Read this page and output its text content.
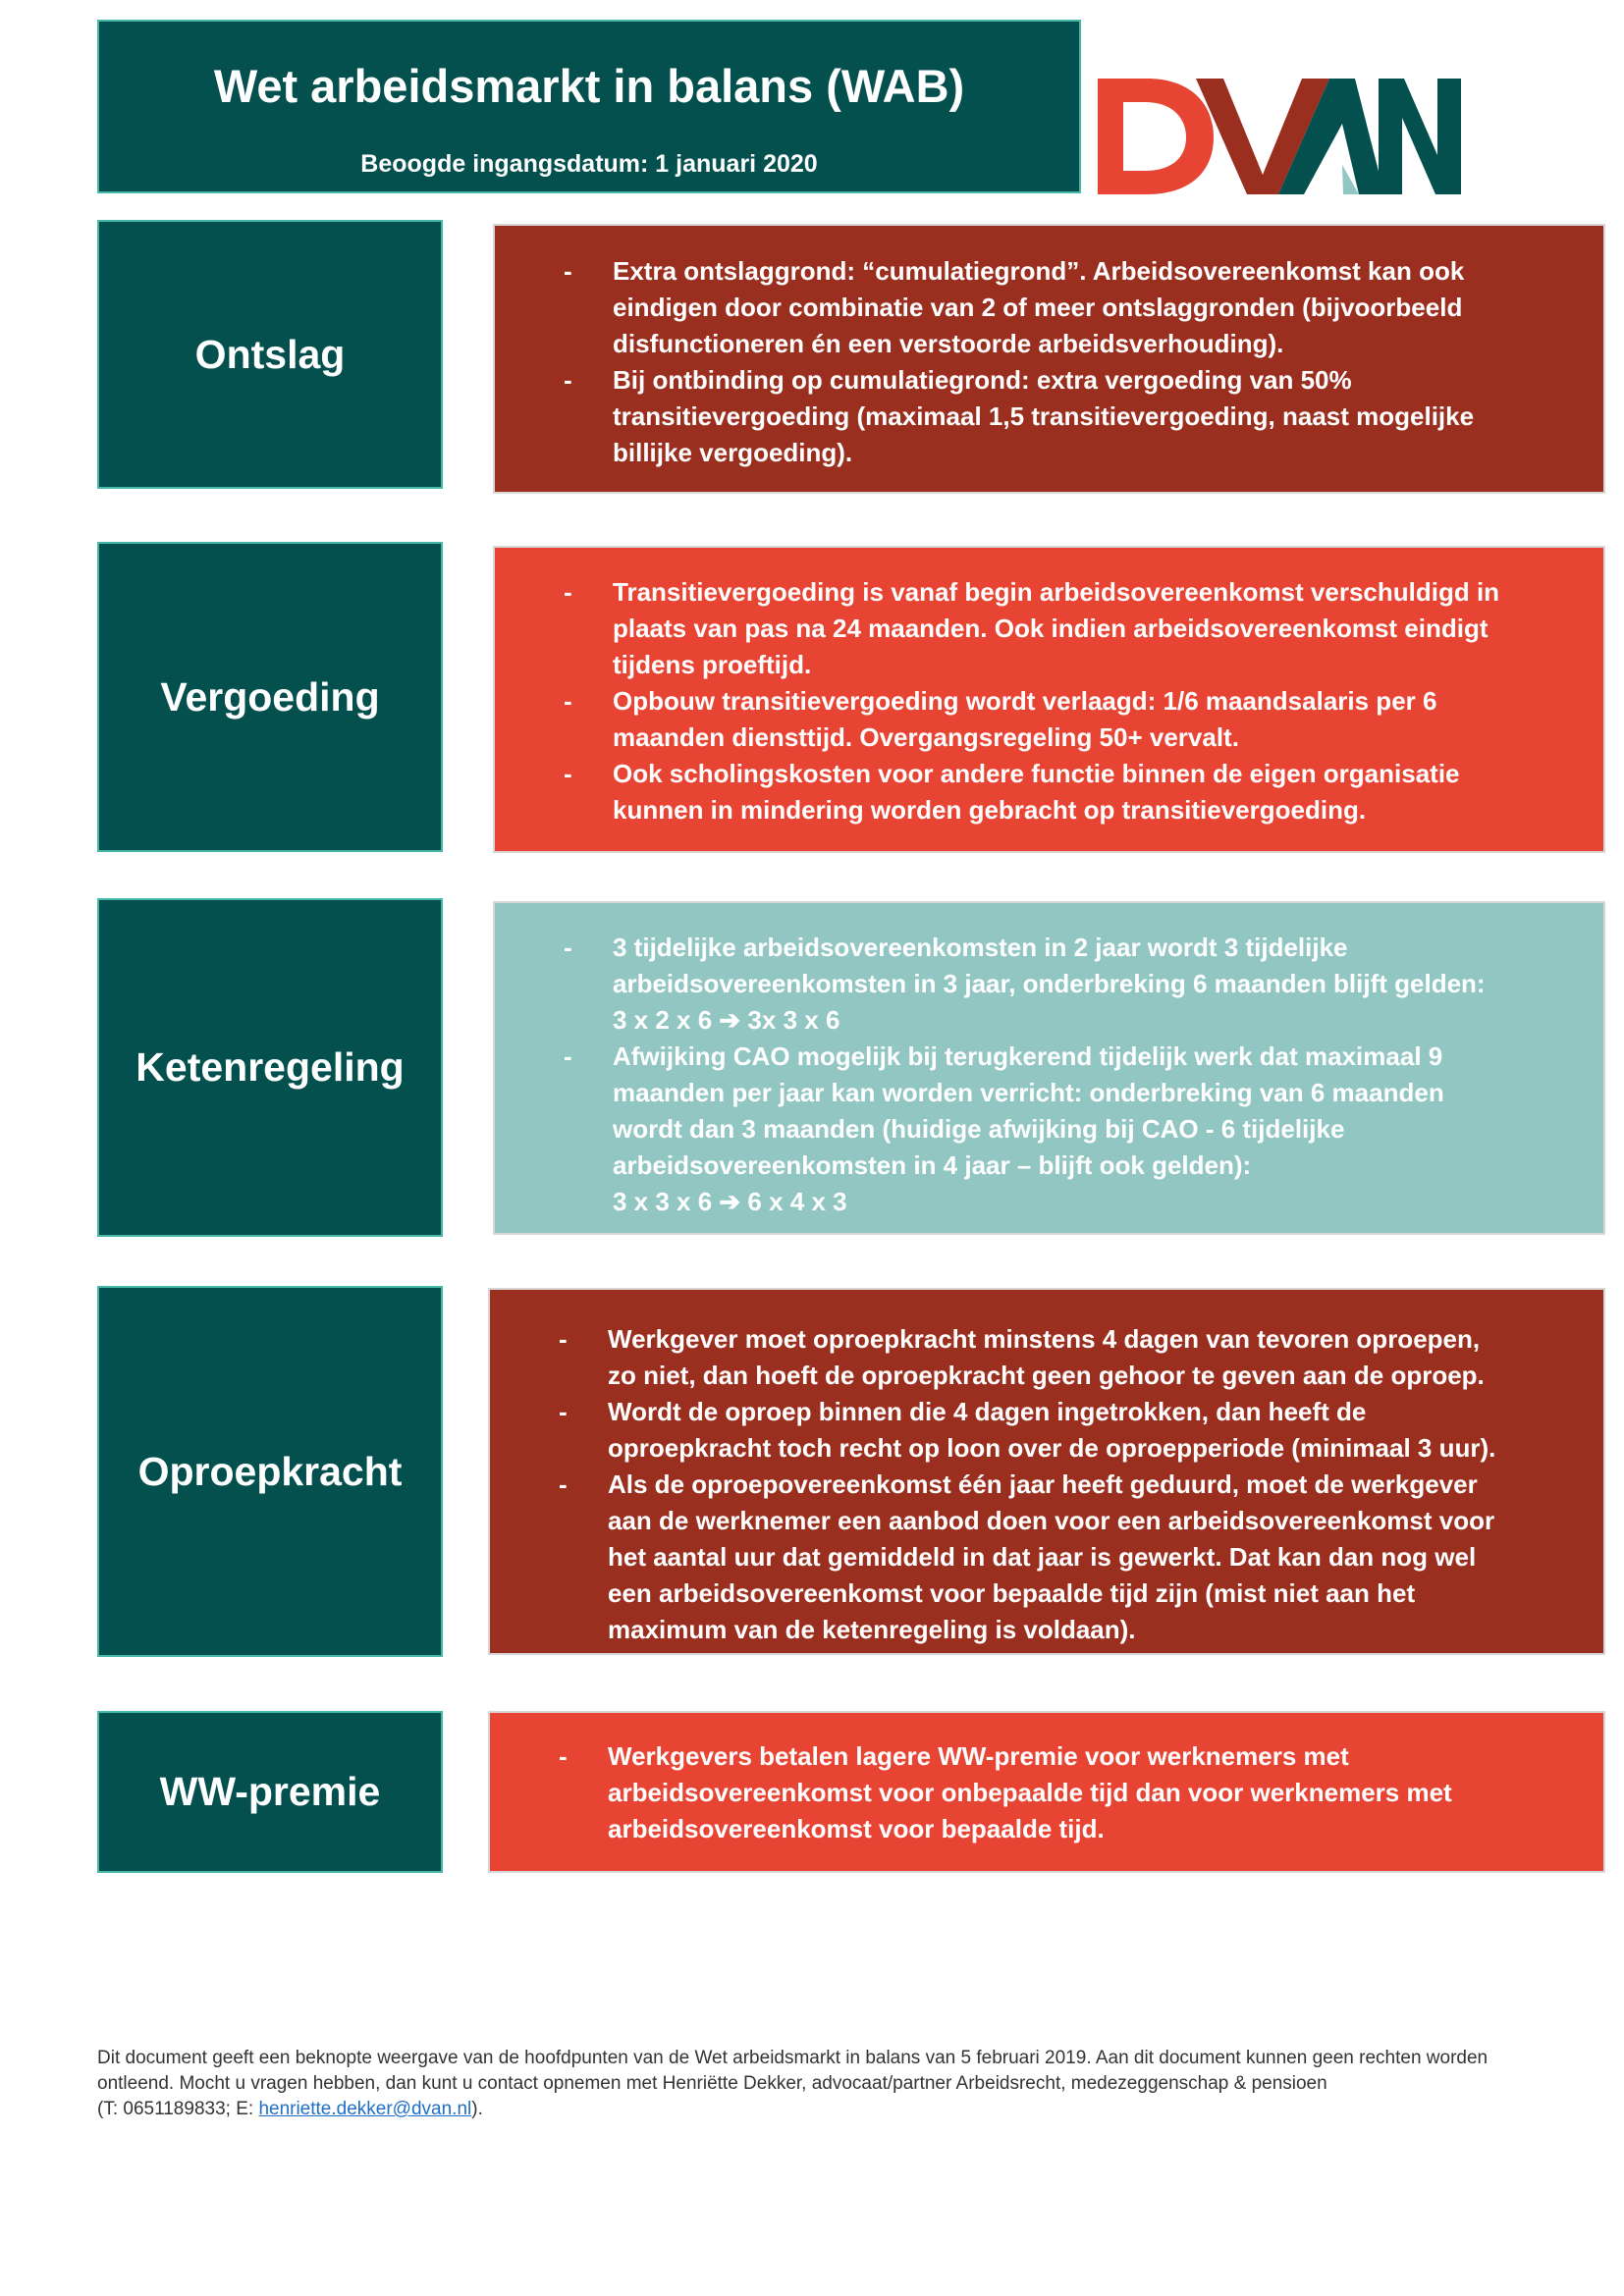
Wet arbeidsmarkt in balans (WAB)
Beoogde ingangsdatum: 1 januari 2020
Ontslag
- Extra ontslaggrond: “cumulatiegrond”. Arbeidsovereenkomst kan ook
eindigen door combinatie van 2 of meer ontslaggronden (bijvoorbeeld
disfunctioneren én een verstoorde arbeidsverhouding).
- Bij ontbinding op cumulatiegrond: extra vergoeding van 50%
transitievergoeding (maximaal 1,5 transitievergoeding, naast mogelijke
billijke vergoeding).
Vergoeding
- Transitievergoeding is vanaf begin arbeidsovereenkomst verschuldigd in
plaats van pas na 24 maanden. Ook indien arbeidsovereenkomst eindigt
tijdens proeftijd.
- Opbouw transitievergoeding wordt verlaagd: 1/6 maandsalaris per 6
maanden diensttijd. Overgangsregeling 50+ vervalt.
- Ook scholingskosten voor andere functie binnen de eigen organisatie
kunnen in mindering worden gebracht op transitievergoeding.
Ketenregeling
- 3 tijdelijke arbeidsovereenkomsten in 2 jaar wordt 3 tijdelijke
arbeidsovereenkomsten in 3 jaar, onderbreking 6 maanden blijft gelden:
3 x 2 x 6 ➔ 3x 3 x 6
- Afwijking CAO mogelijk bij terugkerend tijdelijk werk dat maximaal 9
maanden per jaar kan worden verricht: onderbreking van 6 maanden
wordt dan 3 maanden (huidige afwijking bij CAO - 6 tijdelijke
arbeidsovereenkomsten in 4 jaar – blijft ook gelden):
3 x 3 x 6 ➔ 6 x 4 x 3
Oproepkracht
- Werkgever moet oproepkracht minstens 4 dagen van tevoren oproepen,
zo niet, dan hoeft de oproepkracht geen gehoor te geven aan de oproep.
- Wordt de oproep binnen die 4 dagen ingetrokken, dan heeft de
oproepkracht toch recht op loon over de oproepperiode (minimaal 3 uur).
- Als de oproepovereenkomst één jaar heeft geduurd, moet de werkgever
aan de werknemer een aanbod doen voor een arbeidsovereenkomst voor
het aantal uur dat gemiddeld in dat jaar is gewerkt. Dat kan dan nog wel
een arbeidsovereenkomst voor bepaalde tijd zijn (mist niet aan het
maximum van de ketenregeling is voldaan).
WW-premie
- Werkgevers betalen lagere WW-premie voor werknemers met
arbeidsovereenkomst voor onbepaalde tijd dan voor werknemers met
arbeidsovereenkomst voor bepaalde tijd.
Dit document geeft een beknopte weergave van de hoofdpunten van de Wet arbeidsmarkt in balans van 5 februari 2019. Aan dit document kunnen geen rechten worden
ontleend. Mocht u vragen hebben, dan kunt u contact opnemen met Henriëtte Dekker, advocaat/partner Arbeidsrecht, medezeggenschap & pensioen
(T: 0651189833; E: henriette.dekker@dvan.nl).
